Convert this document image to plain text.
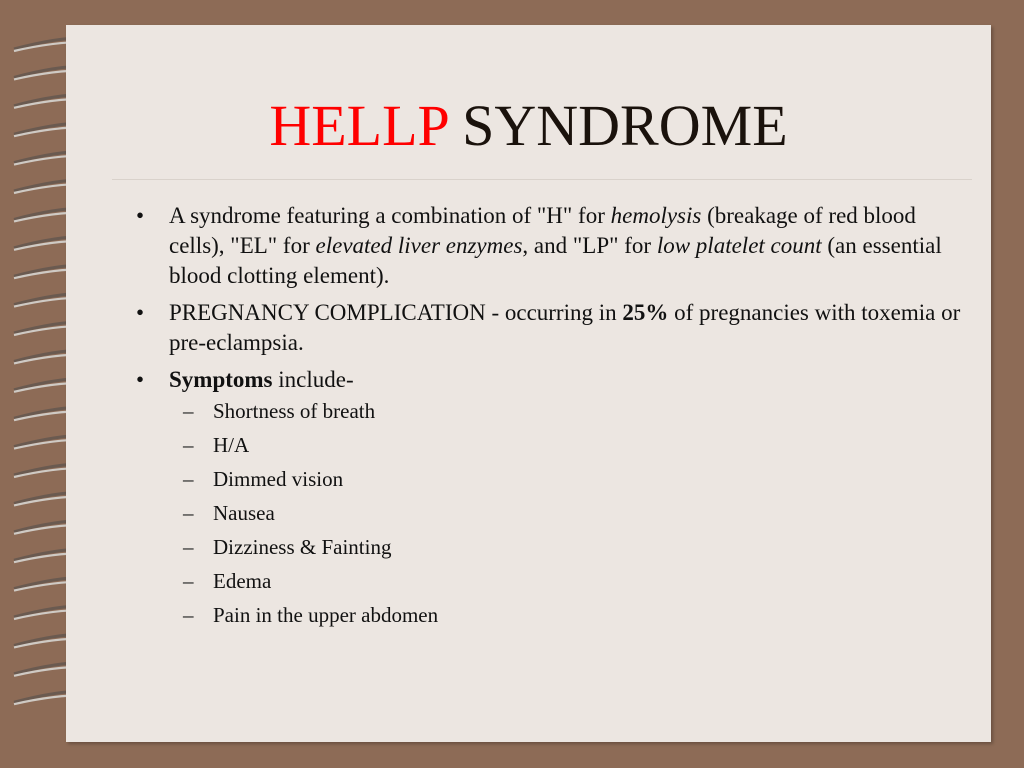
HELLP SYNDROME
• A syndrome featuring a combination of "H" for hemolysis (breakage of red blood cells), "EL" for elevated liver enzymes, and "LP" for low platelet count (an essential blood clotting element).
• PREGNANCY COMPLICATION - occurring in 25% of pregnancies with toxemia or pre-eclampsia.
• Symptoms include-
– Shortness of breath
– H/A
– Dimmed vision
– Nausea
– Dizziness & Fainting
– Edema
– Pain in the upper abdomen
